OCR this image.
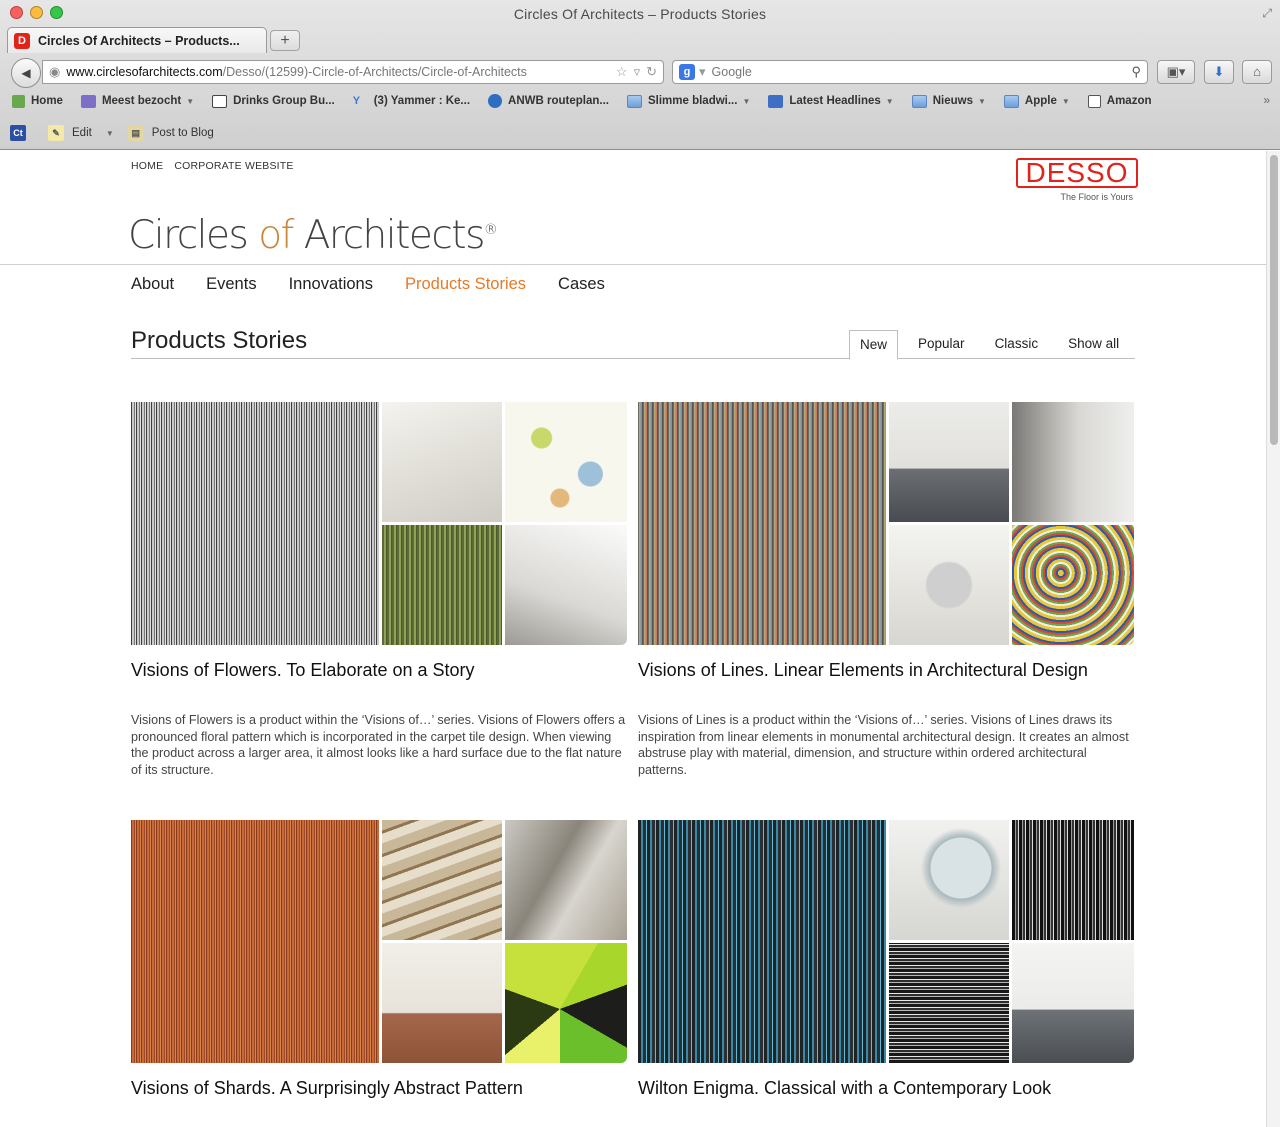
Circles Of Architects – Products Stories	⤢
D Circles Of Architects – Products...	+
◀	◉ www.circlesofarchitects.com/Desso/(12599)-Circle-of-Architects/Circle-of-Architects	☆ ▿ ↻	g ▾ Google	⚲	▣▾	⬇	⌂
Home	Meest bezocht ▼	Drinks Group Bu... Y	(3) Yammer : Ke...	ANWB routeplan...	Slimme bladwi... ▼	Latest Headlines ▼	Nieuws ▼	Apple ▼	Amazon	»
Ct	✎	Edit ▼	▤	Post to Blog
HOME CORPORATE WEBSITE	DESSO
The Floor is Yours
Circles of Architects®
About Events Innovations Products Stories Cases
Products Stories	New	Popular	Classic	Show all
Visions of Flowers. To Elaborate on a Story
Visions of Flowers is a product within the ‘Visions of…’ series. Visions of Flowers offers a pronounced floral pattern which is incorporated in the carpet tile design. When viewing the product across a larger area, it almost looks like a hard surface due to the flat nature of its structure.
Visions of Lines. Linear Elements in Architectural Design
Visions of Lines is a product within the ‘Visions of…’ series. Visions of Lines draws its inspiration from linear elements in monumental architectural design. It creates an almost abstruse play with material, dimension, and structure within ordered architectural patterns.
Visions of Shards. A Surprisingly Abstract Pattern	Wilton Enigma. Classical with a Contemporary Look
